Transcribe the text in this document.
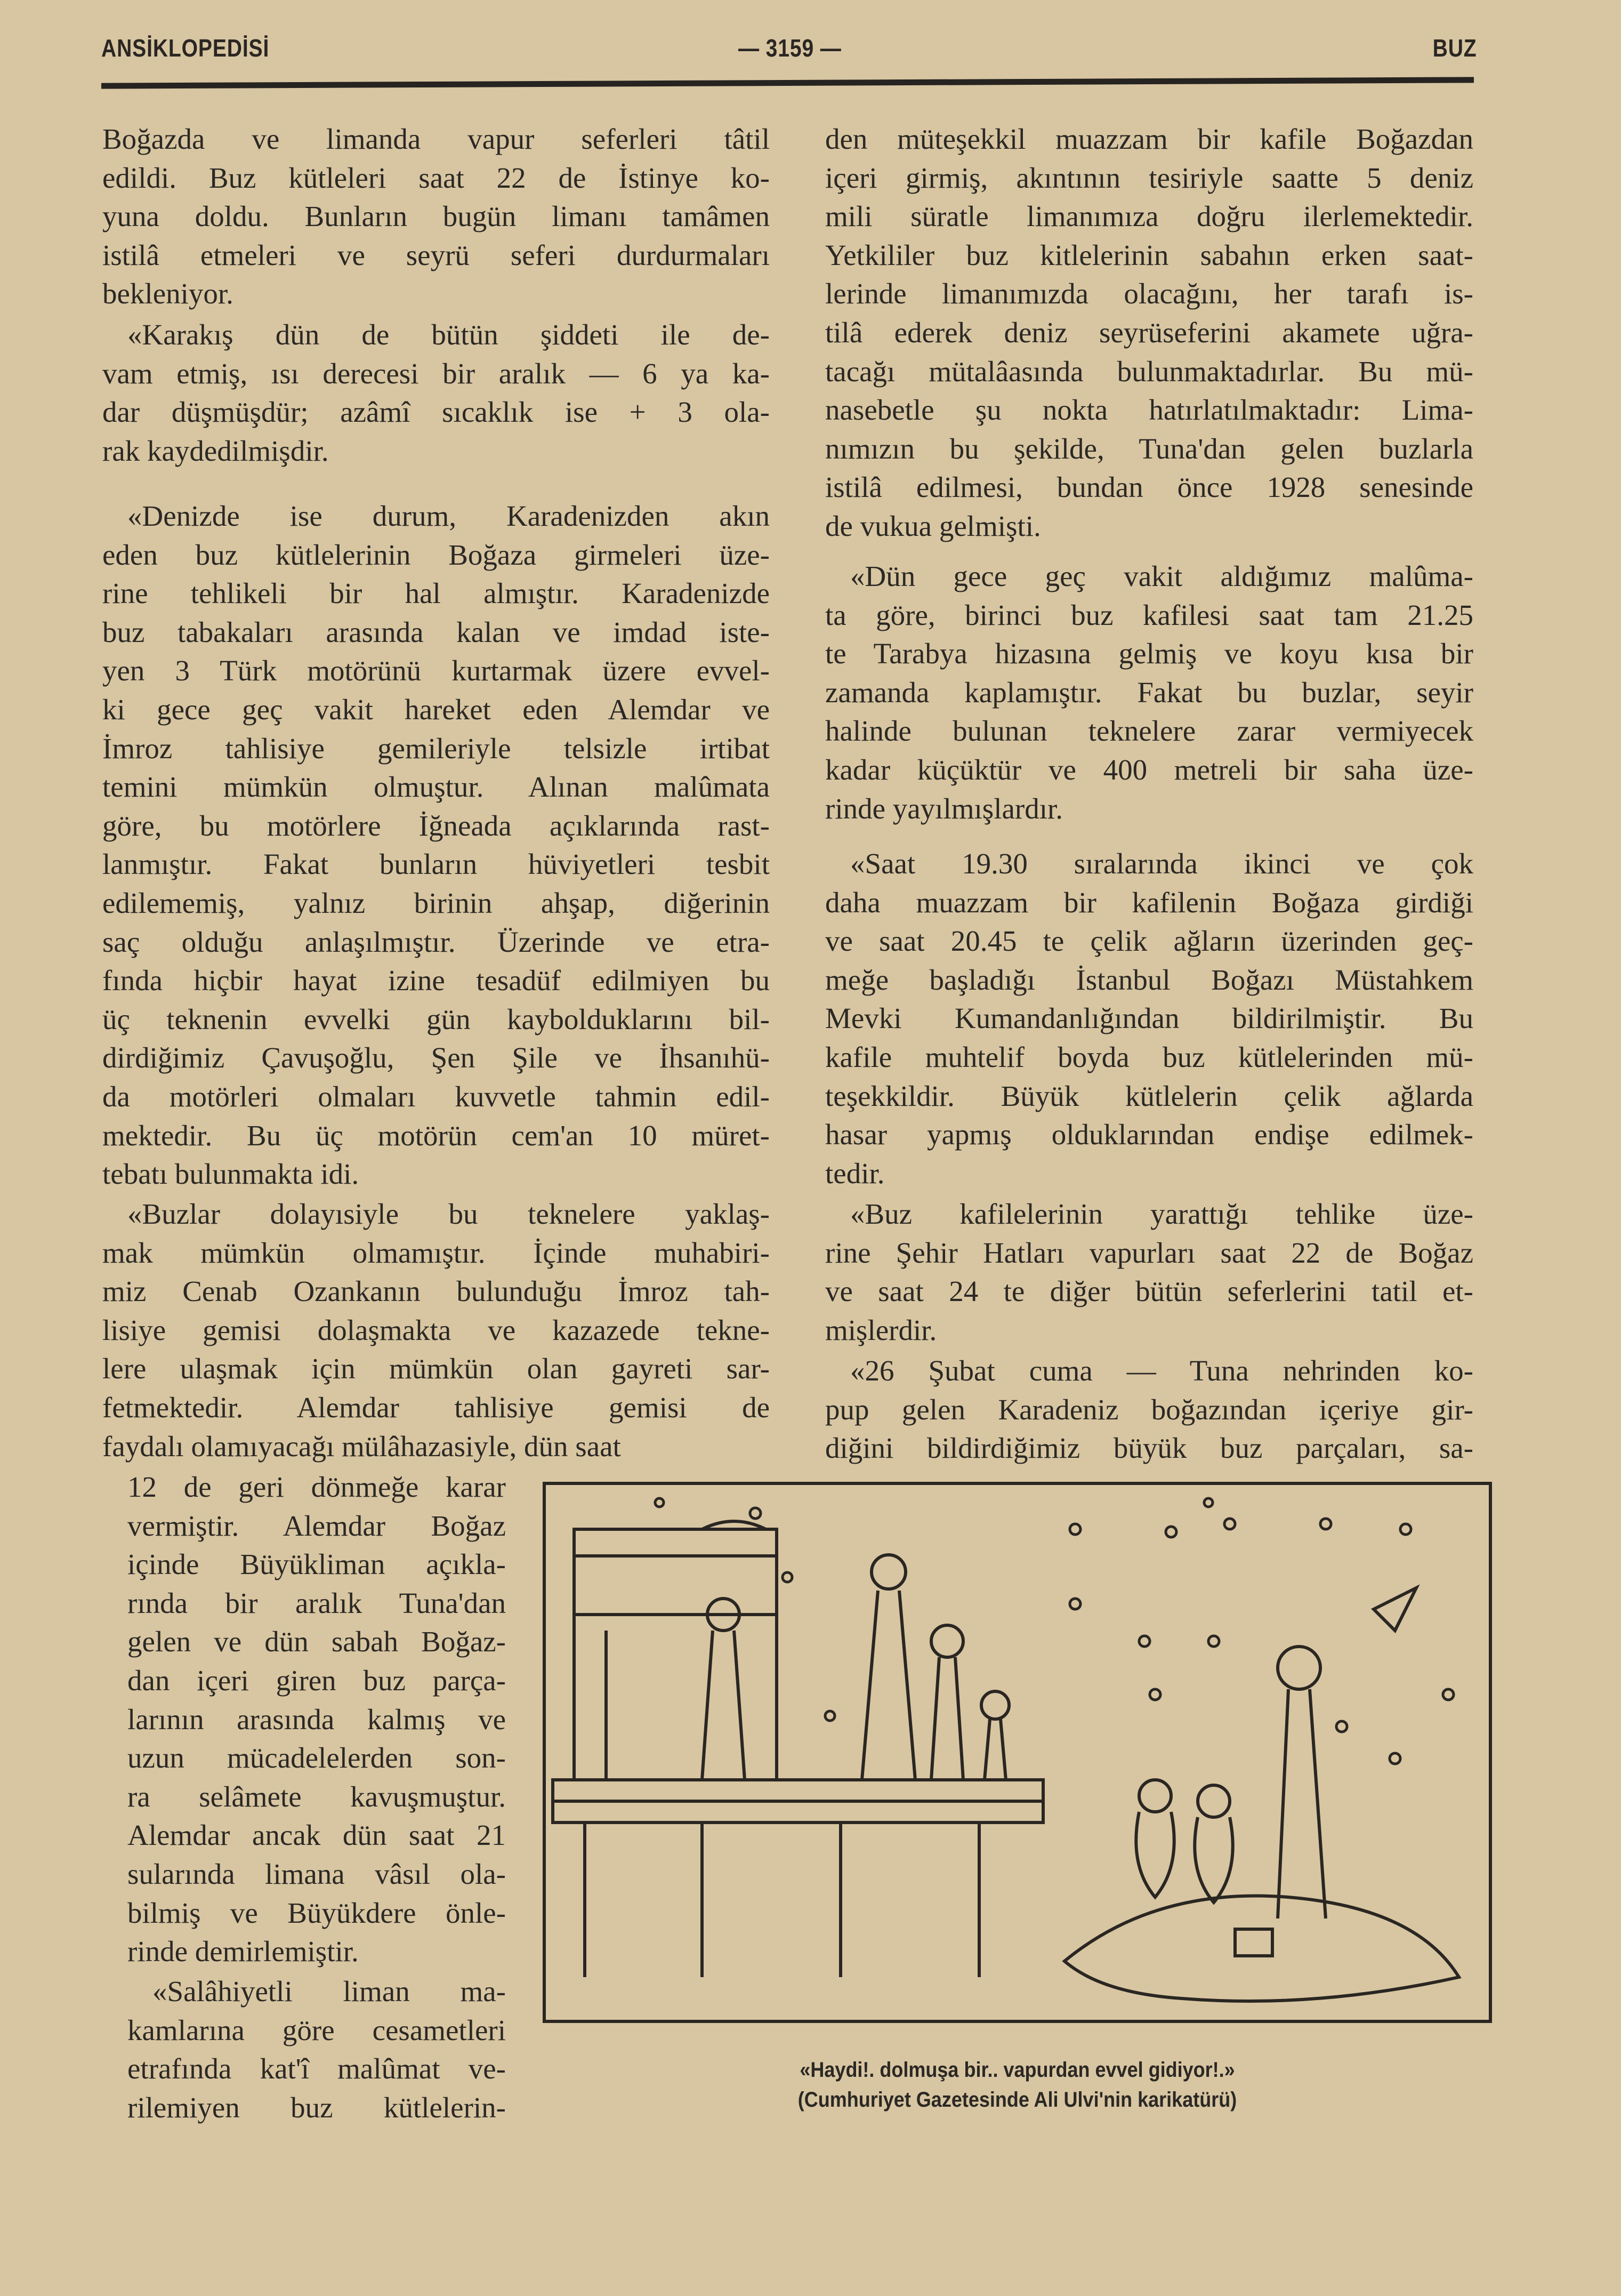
ANSİKLOPEDİSİ	— 3159 —	BUZ
Boğazda ve limanda vapur seferleri tâtil
edildi. Buz kütleleri saat 22 de İstinye ko-
yuna doldu. Bunların bugün limanı tamâmen
istilâ etmeleri ve seyrü seferi durdurmaları
bekleniyor.
«Karakış dün de bütün şiddeti ile de-
vam etmiş, ısı derecesi bir aralık — 6 ya ka-
dar düşmüşdür; azâmî sıcaklık ise + 3 ola-
rak kaydedilmişdir.
«Denizde ise durum, Karadenizden akın
eden buz kütlelerinin Boğaza girmeleri üze-
rine tehlikeli bir hal almıştır. Karadenizde
buz tabakaları arasında kalan ve imdad iste-
yen 3 Türk motörünü kurtarmak üzere evvel-
ki gece geç vakit hareket eden Alemdar ve
İmroz tahlisiye gemileriyle telsizle irtibat
temini mümkün olmuştur. Alınan malûmata
göre, bu motörlere İğneada açıklarında rast-
lanmıştır. Fakat bunların hüviyetleri tesbit
edilememiş, yalnız birinin ahşap, diğerinin
saç olduğu anlaşılmıştır. Üzerinde ve etra-
fında hiçbir hayat izine tesadüf edilmiyen bu
üç teknenin evvelki gün kaybolduklarını bil-
dirdiğimiz Çavuşoğlu, Şen Şile ve İhsanıhü-
da motörleri olmaları kuvvetle tahmin edil-
mektedir. Bu üç motörün cem'an 10 müret-
tebatı bulunmakta idi.
«Buzlar dolayısiyle bu teknelere yaklaş-
mak mümkün olmamıştır. İçinde muhabiri-
miz Cenab Ozankanın bulunduğu İmroz tah-
lisiye gemisi dolaşmakta ve kazazede tekne-
lere ulaşmak için mümkün olan gayreti sar-
fetmektedir. Alemdar tahlisiye gemisi de
faydalı olamıyacağı mülâhazasiyle, dün saat
12 de geri dönmeğe karar
vermiştir. Alemdar Boğaz
içinde Büyükliman açıkla-
rında bir aralık Tuna'dan
gelen ve dün sabah Boğaz-
dan içeri giren buz parça-
larının arasında kalmış ve
uzun mücadelelerden son-
ra selâmete kavuşmuştur.
Alemdar ancak dün saat 21
sularında limana vâsıl ola-
bilmiş ve Büyükdere önle-
rinde demirlemiştir.
«Salâhiyetli liman ma-
kamlarına göre cesametleri
etrafında kat'î malûmat ve-
rilemiyen buz kütlelerin-
den müteşekkil muazzam bir kafile Boğazdan
içeri girmiş, akıntının tesiriyle saatte 5 deniz
mili süratle limanımıza doğru ilerlemektedir.
Yetkililer buz kitlelerinin sabahın erken saat-
lerinde limanımızda olacağını, her tarafı is-
tilâ ederek deniz seyrüseferini akamete uğra-
tacağı mütalâasında bulunmaktadırlar. Bu mü-
nasebetle şu nokta hatırlatılmaktadır: Lima-
nımızın bu şekilde, Tuna'dan gelen buzlarla
istilâ edilmesi, bundan önce 1928 senesinde
de vukua gelmişti.
«Dün gece geç vakit aldığımız malûma-
ta göre, birinci buz kafilesi saat tam 21.25
te Tarabya hizasına gelmiş ve koyu kısa bir
zamanda kaplamıştır. Fakat bu buzlar, seyir
halinde bulunan teknelere zarar vermiyecek
kadar küçüktür ve 400 metreli bir saha üze-
rinde yayılmışlardır.
«Saat 19.30 sıralarında ikinci ve çok
daha muazzam bir kafilenin Boğaza girdiği
ve saat 20.45 te çelik ağların üzerinden geç-
meğe başladığı İstanbul Boğazı Müstahkem
Mevki Kumandanlığından bildirilmiştir. Bu
kafile muhtelif boyda buz kütlelerinden mü-
teşekkildir. Büyük kütlelerin çelik ağlarda
hasar yapmış olduklarından endişe edilmek-
tedir.
«Buz kafilelerinin yarattığı tehlike üze-
rine Şehir Hatları vapurları saat 22 de Boğaz
ve saat 24 te diğer bütün seferlerini tatil et-
mişlerdir.
«26 Şubat cuma — Tuna nehrinden ko-
pup gelen Karadeniz boğazından içeriye gir-
diğini bildirdiğimiz büyük buz parçaları, sa-
«Haydi!. dolmuşa bir.. vapurdan evvel gidiyor!.»
(Cumhuriyet Gazetesinde Ali Ulvi'nin karikatürü)
